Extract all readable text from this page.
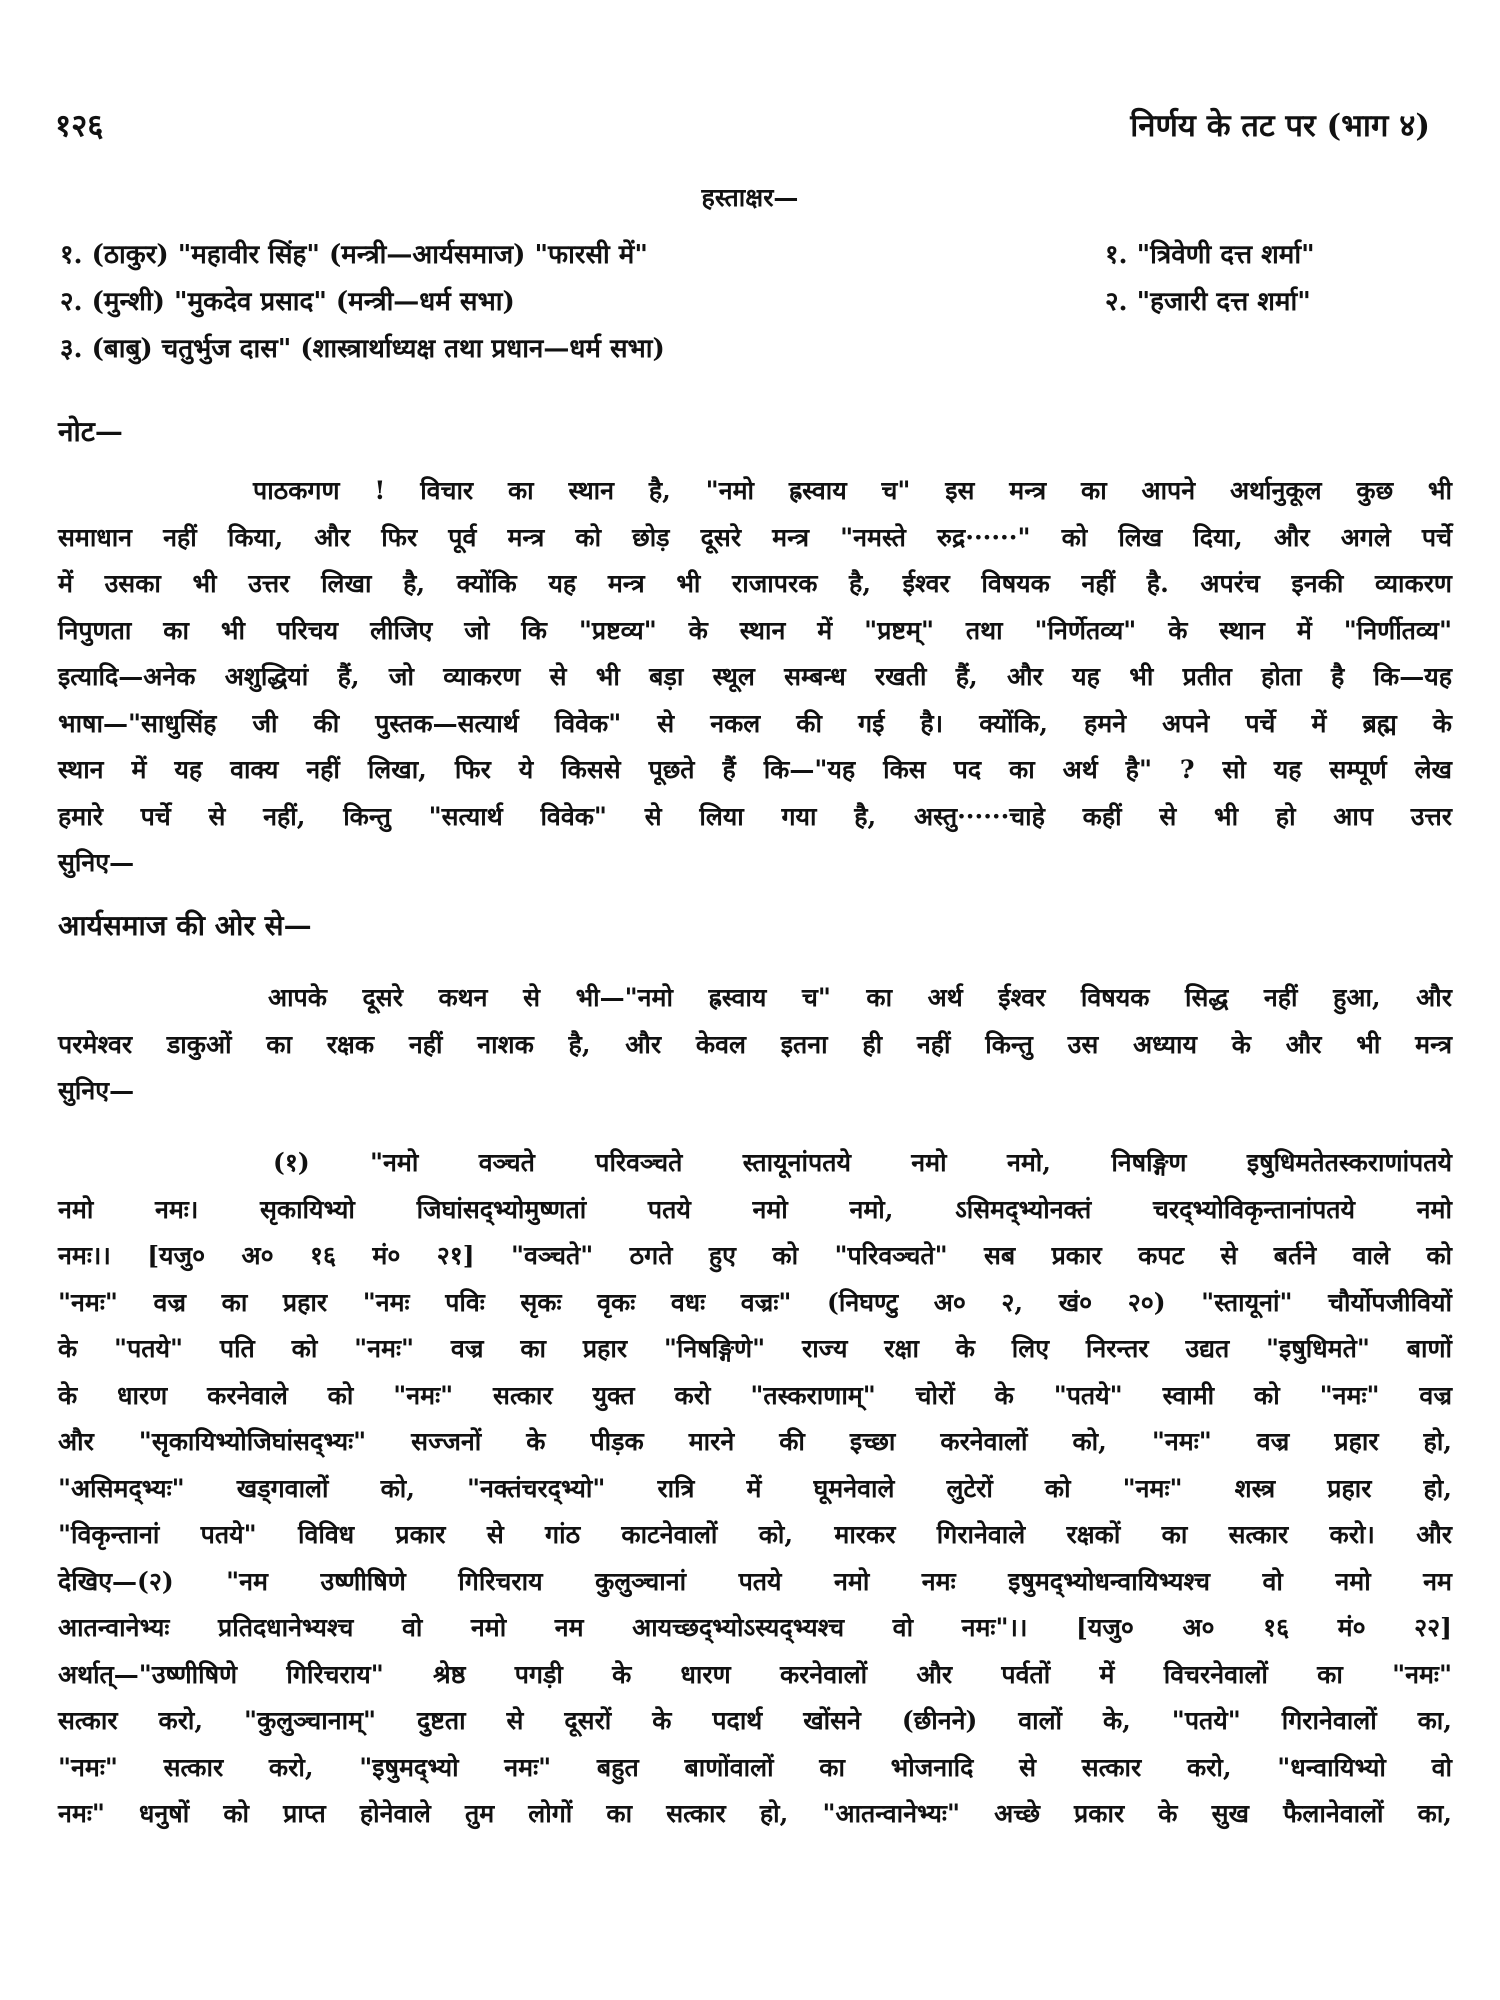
१२६	निर्णय के तट पर (भाग ४)
हस्ताक्षर—
१. (ठाकुर) "महावीर सिंह" (मन्त्री—आर्यसमाज) "फारसी में"
२. (मुन्शी) "मुकदेव प्रसाद" (मन्त्री—धर्म सभा)
३. (बाबु) चतुर्भुज दास" (शास्त्रार्थाध्यक्ष तथा प्रधान—धर्म सभा)
१. "त्रिवेणी दत्त शर्मा"
२. "हजारी दत्त शर्मा"
नोट—
पाठकगण ! विचार का स्थान है, "नमो ह्रस्वाय च" इस मन्त्र का आपने अर्थानुकूल कुछ भी
समाधान नहीं किया, और फिर पूर्व मन्त्र को छोड़ दूसरे मन्त्र "नमस्ते रुद्र······" को लिख दिया, और अगले पर्चे
में उसका भी उत्तर लिखा है, क्योंकि यह मन्त्र भी राजापरक है, ईश्वर विषयक नहीं है. अपरंच इनकी व्याकरण
निपुणता का भी परिचय लीजिए जो कि "प्रष्टव्य" के स्थान में "प्रष्टम्" तथा "निर्णेतव्य" के स्थान में "निर्णीतव्य"
इत्यादि—अनेक अशुद्धियां हैं, जो व्याकरण से भी बड़ा स्थूल सम्बन्ध रखती हैं, और यह भी प्रतीत होता है कि—यह
भाषा—"साधुसिंह जी की पुस्तक—सत्यार्थ विवेक" से नकल की गई है। क्योंकि, हमने अपने पर्चे में ब्रह्म के
स्थान में यह वाक्य नहीं लिखा, फिर ये किससे पूछते हैं कि—"यह किस पद का अर्थ है" ? सो यह सम्पूर्ण लेख
हमारे पर्चे से नहीं, किन्तु "सत्यार्थ विवेक" से लिया गया है, अस्तु······चाहे कहीं से भी हो आप उत्तर
सुनिए—
आर्यसमाज की ओर से—
आपके दूसरे कथन से भी—"नमो ह्रस्वाय च" का अर्थ ईश्वर विषयक सिद्ध नहीं हुआ, और
परमेश्वर डाकुओं का रक्षक नहीं नाशक है, और केवल इतना ही नहीं किन्तु उस अध्याय के और भी मन्त्र
सुनिए—
(१) "नमो वञ्चते परिवञ्चते स्तायूनांपतये नमो नमो, निषङ्गिण इषुधिमतेतस्कराणांपतये
नमो नमः। सृकायिभ्यो जिघांसद्भ्योमुष्णतां पतये नमो नमो, ऽसिमद्भ्योनक्तं चरद्भ्योविकृन्तानांपतये नमो
नमः।। [यजु० अ० १६ मं० २१] "वञ्चते" ठगते हुए को "परिवञ्चते" सब प्रकार कपट से बर्तने वाले को
"नमः" वज्र का प्रहार "नमः पविः सृकः वृकः वधः वज्रः" (निघण्टु अ० २, खं० २०) "स्तायूनां" चौर्योपजीवियों
के "पतये" पति को "नमः" वज्र का प्रहार "निषङ्गिणे" राज्य रक्षा के लिए निरन्तर उद्यत "इषुधिमते" बाणों
के धारण करनेवाले को "नमः" सत्कार युक्त करो "तस्कराणाम्" चोरों के "पतये" स्वामी को "नमः" वज्र
और "सृकायिभ्योजिघांसद्भ्यः" सज्जनों के पीड़क मारने की इच्छा करनेवालों को, "नमः" वज्र प्रहार हो,
"असिमद्भ्यः" खड्गवालों को, "नक्तंचरद्भ्यो" रात्रि में घूमनेवाले लुटेरों को "नमः" शस्त्र प्रहार हो,
"विकृन्तानां पतये" विविध प्रकार से गांठ काटनेवालों को, मारकर गिरानेवाले रक्षकों का सत्कार करो। और
देखिए—(२) "नम उष्णीषिणे गिरिचराय कुलुञ्चानां पतये नमो नमः इषुमद्भ्योधन्वायिभ्यश्च वो नमो नम
आतन्वानेभ्यः प्रतिदधानेभ्यश्च वो नमो नम आयच्छद्भ्योऽस्यद्भ्यश्च वो नमः"।। [यजु० अ० १६ मं० २२]
अर्थात्—"उष्णीषिणे गिरिचराय" श्रेष्ठ पगड़ी के धारण करनेवालों और पर्वतों में विचरनेवालों का "नमः"
सत्कार करो, "कुलुञ्चानाम्" दुष्टता से दूसरों के पदार्थ खोंसने (छीनने) वालों के, "पतये" गिरानेवालों का,
"नमः" सत्कार करो, "इषुमद्भ्यो नमः" बहुत बाणोंवालों का भोजनादि से सत्कार करो, "धन्वायिभ्यो वो
नमः" धनुषों को प्राप्त होनेवाले तुम लोगों का सत्कार हो, "आतन्वानेभ्यः" अच्छे प्रकार के सुख फैलानेवालों का,
